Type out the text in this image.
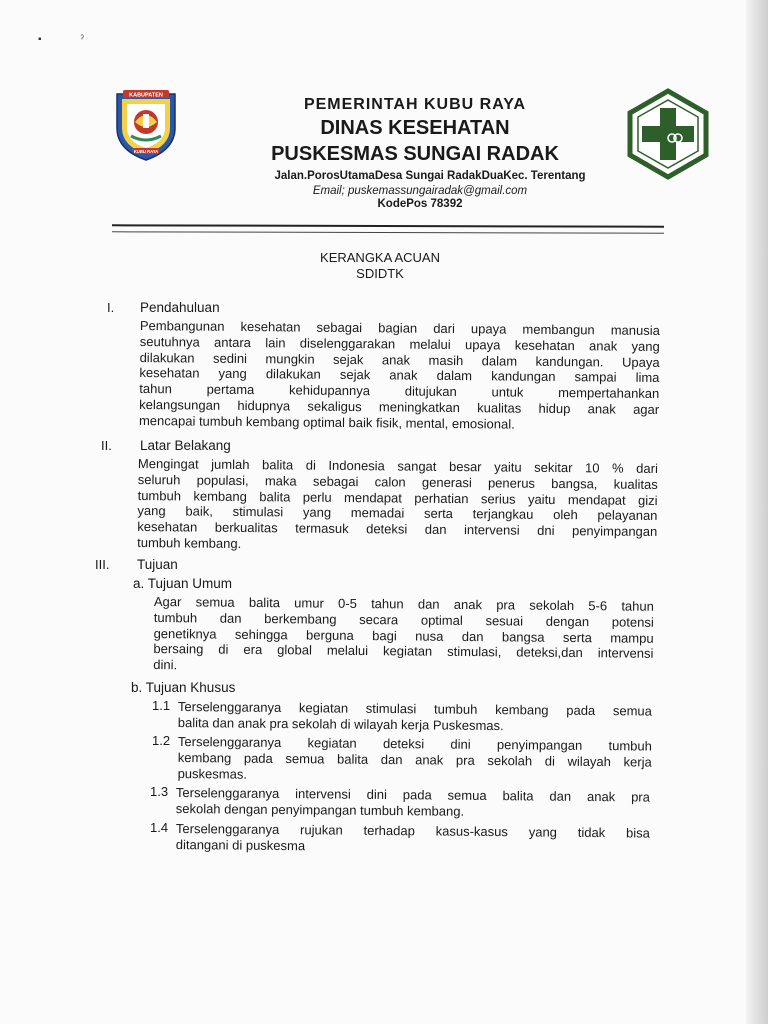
▪ ˀ
KABUPATEN
KUBU RAYA
PEMERINTAH KUBU RAYA
DINAS KESEHATAN
PUSKESMAS SUNGAI RADAK
Jalan.PorosUtamaDesa Sungai RadakDuaKec. Terentang
Email; puskemassungairadak@gmail.com
KodePos 78392
KERANGKA ACUAN
SDIDTK
I. Pendahuluan
Pembangunan kesehatan sebagai bagian dari upaya membangun manusia
seutuhnya antara lain diselenggarakan melalui upaya kesehatan anak yang
dilakukan sedini mungkin sejak anak masih dalam kandungan. Upaya
kesehatan yang dilakukan sejak anak dalam kandungan sampai lima
tahun pertama kehidupannya ditujukan untuk mempertahankan
kelangsungan hidupnya sekaligus meningkatkan kualitas hidup anak agar
mencapai tumbuh kembang optimal baik fisik, mental, emosional.
II. Latar Belakang
Mengingat jumlah balita di Indonesia sangat besar yaitu sekitar 10 % dari
seluruh populasi, maka sebagai calon generasi penerus bangsa, kualitas
tumbuh kembang balita perlu mendapat perhatian serius yaitu mendapat gizi
yang baik, stimulasi yang memadai serta terjangkau oleh pelayanan
kesehatan berkualitas termasuk deteksi dan intervensi dni penyimpangan
tumbuh kembang.
III. Tujuan
a. Tujuan Umum
Agar semua balita umur 0-5 tahun dan anak pra sekolah 5-6 tahun
tumbuh dan berkembang secara optimal sesuai dengan potensi
genetiknya sehingga berguna bagi nusa dan bangsa serta mampu
bersaing di era global melalui kegiatan stimulasi, deteksi,dan intervensi
dini.
b. Tujuan Khusus
1.1 Terselenggaranya kegiatan stimulasi tumbuh kembang pada semua
balita dan anak pra sekolah di wilayah kerja Puskesmas.
1.2 Terselenggaranya kegiatan deteksi dini penyimpangan tumbuh
kembang pada semua balita dan anak pra sekolah di wilayah kerja
puskesmas.
1.3 Terselenggaranya intervensi dini pada semua balita dan anak pra
sekolah dengan penyimpangan tumbuh kembang.
1.4 Terselenggaranya rujukan terhadap kasus-kasus yang tidak bisa
ditangani di puskesma
